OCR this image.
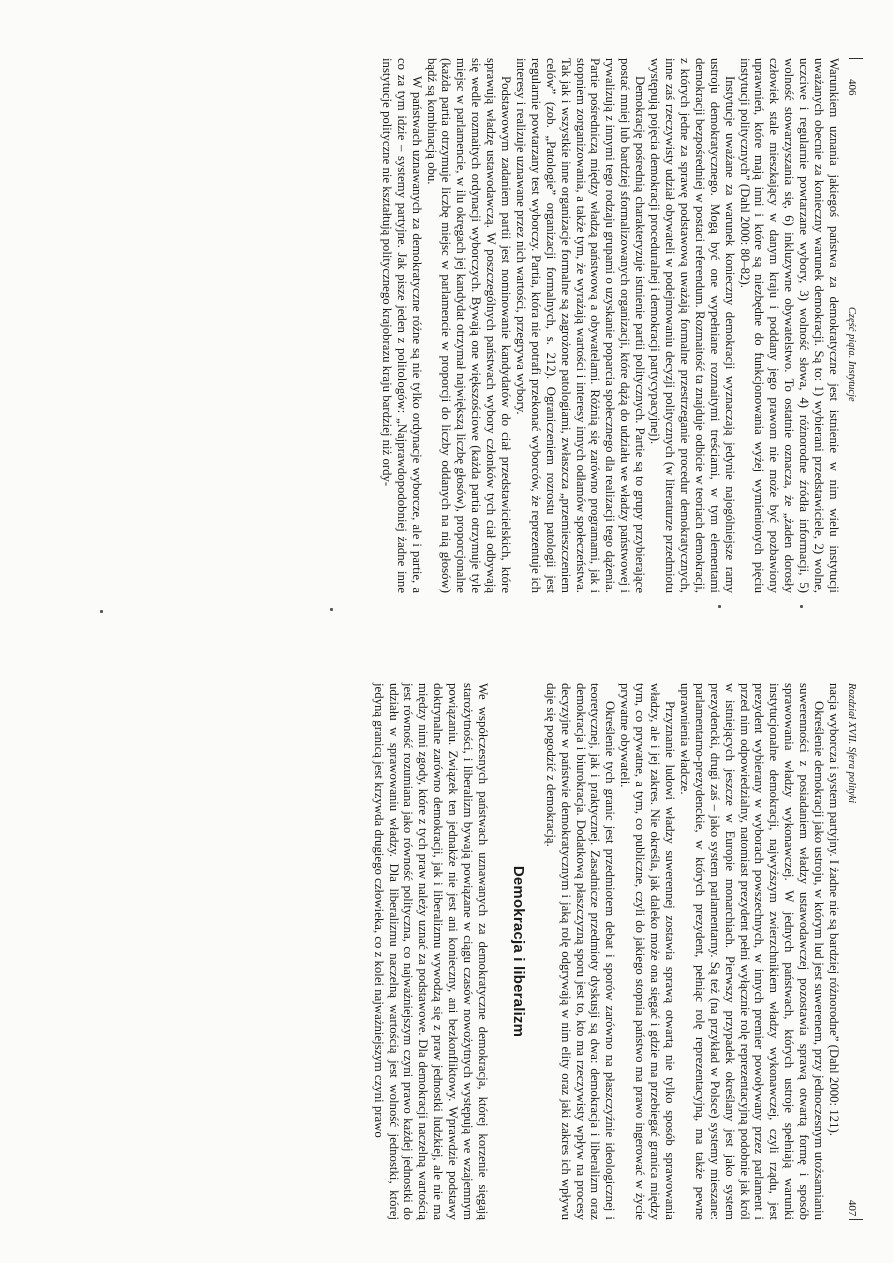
406
Część piąta. Instytucje

Warunkiem uznania jakiegoś państwa za demokratyczne jest istnienie w nim wielu instytucji uważanych obecnie za konieczny warunek demokracji. Są to: 1) wybierani przedstawiciele, 2) wolne, uczciwe i regularnie powtarzane wybory, 3) wolność słowa, 4) różnorodne źródła informacji, 5) wolność stowarzyszania się, 6) inkluzywne obywatelstwo. To ostatnie oznacza, że „żaden dorosły człowiek stale mieszkający w danym kraju i poddany jego prawom nie może być pozbawiony uprawnień, które mają inni i które są niezbędne do funkcjonowania wyżej wymienionych pięciu instytucji politycznych” (Dahl 2000: 80–82).

Instytucje uważane za warunek konieczny demokracji wyznaczają jedynie najogólniejsze ramy ustroju demokratycznego. Mogą być one wypełniane rozmaitymi treściami, w tym elementami demokracji bezpośredniej w postaci referendum. Rozmaitość ta znajduje odbicie w teoriach demokracji, z których jedne za sprawę podstawową uważają formalne przestrzeganie procedur demokratycznych, inne zaś rzeczywisty udział obywateli w podejmowaniu decyzji politycznych (w literaturze przedmiotu występują pojęcia demokracji proceduralnej i demokracji partycypacyjnej).

Demokrację pośrednią charakteryzuje istnienie partii politycznych. Partie są to grupy przybierające postać mniej lub bardziej sformalizowanych organizacji, które dążą do udziału we władzy państwowej i rywalizują z innymi tego rodzaju grupami o uzyskanie poparcia społecznego dla realizacji tego dążenia. Partie pośredniczą między władzą państwową a obywatelami. Różnią się zarówno programami, jak i stopniem zorganizowania, a także tym, że wyrażają wartości i interesy innych odłamów społeczeństwa. Tak jak i wszystkie inne organizacje formalne są zagrożone patologiami, zwłaszcza „przemieszczeniem celów” (zob. „Patologie” organizacji formalnych, s. 212). Ograniczeniem rozrostu patologii jest regularnie powtarzany test wyborczy. Partia, która nie potrafi przekonać wyborców, że reprezentuje ich interesy i realizuje uznawane przez nich wartości, przegrywa wybory.

Podstawowym zadaniem partii jest nominowanie kandydatów do ciał przedstawicielskich, które sprawują władzę ustawodawczą. W poszczególnych państwach wybory członków tych ciał odbywają się wedle rozmaitych ordynacji wyborczych. Bywają one większościowe (każda partia otrzymuje tyle miejsc w parlamencie, w ilu okręgach jej kandydat otrzymał największą liczbę głosów), proporcjonalne (każda partia otrzymuje liczbę miejsc w parlamencie w proporcji do liczby oddanych na nią głosów) bądź są kombinacją obu.

W państwach uznawanych za demokratyczne różne są nie tylko ordynacje wyborcze, ale i partie, a co za tym idzie – systemy partyjne. Jak pisze jeden z politologów: „Najprawdopodobniej żadne inne instytucje polityczne nie kształtują politycznego krajobrazu kraju bardziej niż ordy-

Rozdział XVII. Sfera polityki
407

nacja wyborcza i system partyjny. I żadne nie są bardziej różnorodne” (Dahl 2000: 121).

Określenie demokracji jako ustroju, w którym lud jest suwerenem, przy jednoczesnym utożsamianiu suwerenności z posiadaniem władzy ustawodawczej pozostawia sprawą otwartą formę i sposób sprawowania władzy wykonawczej. W jednych państwach, których ustroje spełniają warunki instytucjonalne demokracji, najwyższym zwierzchnikiem władzy wykonawczej, czyli rządu, jest prezydent wybierany w wyborach powszechnych, w innych premier powoływany przez parlament i przed nim odpowiedzialny, natomiast prezydent pełni wyłącznie rolę reprezentacyjną podobnie jak król w istniejących jeszcze w Europie monarchiach. Pierwszy przypadek określany jest jako system prezydencki, drugi zaś – jako system parlamentarny. Są też (na przykład w Polsce) systemy mieszane: parlamentarno-prezydenckie, w których prezydent, pełniąc rolę reprezentacyjną, ma także pewne uprawnienia władcze.

Przyznanie ludowi władzy suwerennej zostawia sprawą otwartą nie tylko sposób sprawowania władzy, ale i jej zakres. Nie określa, jak daleko może ona sięgać i gdzie ma przebiegać granica między tym, co prywatne, a tym, co publiczne, czyli do jakiego stopnia państwo ma prawo ingerować w życie prywatne obywateli.

Określenie tych granic jest przedmiotem debat i sporów zarówno na płaszczyźnie ideologicznej i teoretycznej, jak i praktycznej. Zasadnicze przedmioty dyskusji są dwa: demokracja i liberalizm oraz demokracja i biurokracja. Dodatkową płaszczyzną sporu jest to, kto ma rzeczywisty wpływ na procesy decyzyjne w państwie demokratycznym i jaką rolę odgrywają w nim elity oraz jaki zakres ich wpływu daje się pogodzić z demokracją.

Demokracja i liberalizm

We współczesnych państwach uznawanych za demokratyczne demokracja, której korzenie sięgają starożytności, i liberalizm bywają powiązane w ciągu czasów nowożytnych występują we wzajemnym powiązaniu. Związek ten jednakże nie jest ani konieczny, ani bezkonfliktowy. Wprawdzie podstawy doktrynalne zarówno demokracji, jak i liberalizmu wywodzą się z praw jednostki ludzkiej, ale nie ma między nimi zgody, które z tych praw należy uznać za podstawowe. Dla demokracji naczelną wartością jest równość rozumiana jako równość polityczna, co najważniejszym czyni prawo każdej jednostki do udziału w sprawowaniu władzy. Dla liberalizmu naczelną wartością jest wolność jednostki, której jedyną granicą jest krzywda drugiego człowieka, co z kolei najważniejszym czyni prawo
